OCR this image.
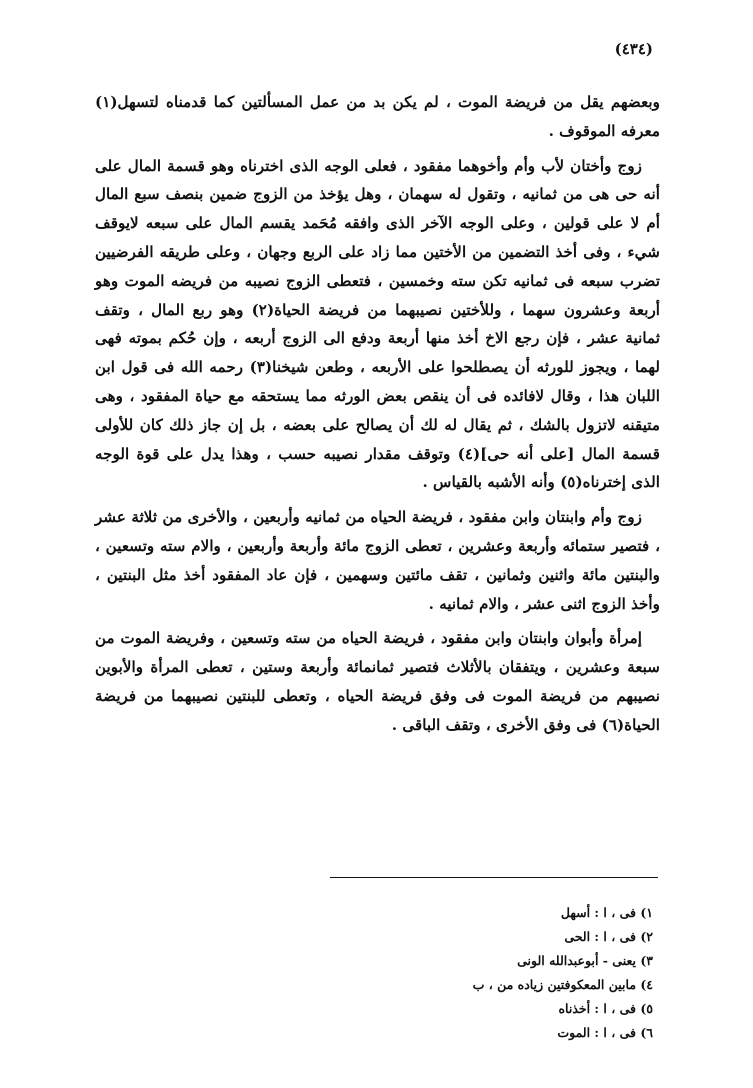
(٤٣٤)

وبعضهم يقل من فريضة الموت ، لم يكن بد من عمل المسألتين كما قدمناه لتسهل(١) معرفه الموقوف .

زوج وأختان لأب وأم وأخوهما مفقود ، فعلى الوجه الذى اخترناه وهو قسمة المال على أنه حى هى من ثمانيه ، وتقول له سهمان ، وهل يؤخذ من الزوج ضمين بنصف سبع المال أم لا على قولين ، وعلى الوجه الآخر الذى وافقه مُحَمد يقسم المال على سبعه لايوقف شيء ، وفى أخذ التضمين من الأختين مما زاد على الربع وجهان ، وعلى طريقه الفرضيين تضرب سبعه فى ثمانيه تكن سته وخمسين ، فتعطى الزوج نصيبه من فريضه الموت وهو أربعة وعشرون سهما ، وللأختين نصيبهما من فريضة الحياة(٢) وهو ربع المال ، وتقف ثمانية عشر ، فإن رجع الاخ أخذ منها أربعة ودفع الى الزوج أربعه ، وإن حُكم بموته فهى لهما ، ويجوز للورثه أن يصطلحوا على الأربعه ، وطعن شيخنا(٣) رحمه الله فى قول ابن اللبان هذا ، وقال لافائده فى أن ينقص بعض الورثه مما يستحقه مع حياة المفقود ، وهى متيقنه لاتزول بالشك ، ثم يقال له لك أن يصالح على بعضه ، بل إن جاز ذلك كان للأولى قسمة المال [على أنه حى](٤) وتوقف مقدار نصيبه حسب ، وهذا يدل على قوة الوجه الذى إخترناه(٥) وأنه الأشبه بالقياس .

زوج وأم وابنتان وابن مفقود ، فريضة الحياه من ثمانيه وأربعين ، والأخرى من ثلاثة عشر ، فتصير ستمائه وأربعة وعشرين ، تعطى الزوج مائة وأربعة وأربعين ، والام سته وتسعين ، والبنتين مائة واثنين وثمانين ، تقف مائتين وسهمين ، فإن عاد المفقود أخذ مثل البنتين ، وأخذ الزوج اثنى عشر ، والام ثمانيه .

إمرأة وأبوان وابنتان وابن مفقود ، فريضة الحياه من سته وتسعين ، وفريضة الموت من سبعة وعشرين ، ويتفقان بالأثلاث فتصير ثمانمائة وأربعة وستين ، تعطى المرأة والأبوين نصيبهم من فريضة الموت فى وفق فريضة الحياه ، وتعطى للبنتين نصيبهما من فريضة الحياة(٦) فى وفق الأخرى ، وتقف الباقى .

١) فى ، ا : أسهل
٢) فى ، ا : الحى
٣) يعنى - أبوعبدالله الونى
٤) مابين المعكوفتين زياده من ، ب
٥) فى ، ا : أخذناه
٦) فى ، ا : الموت
